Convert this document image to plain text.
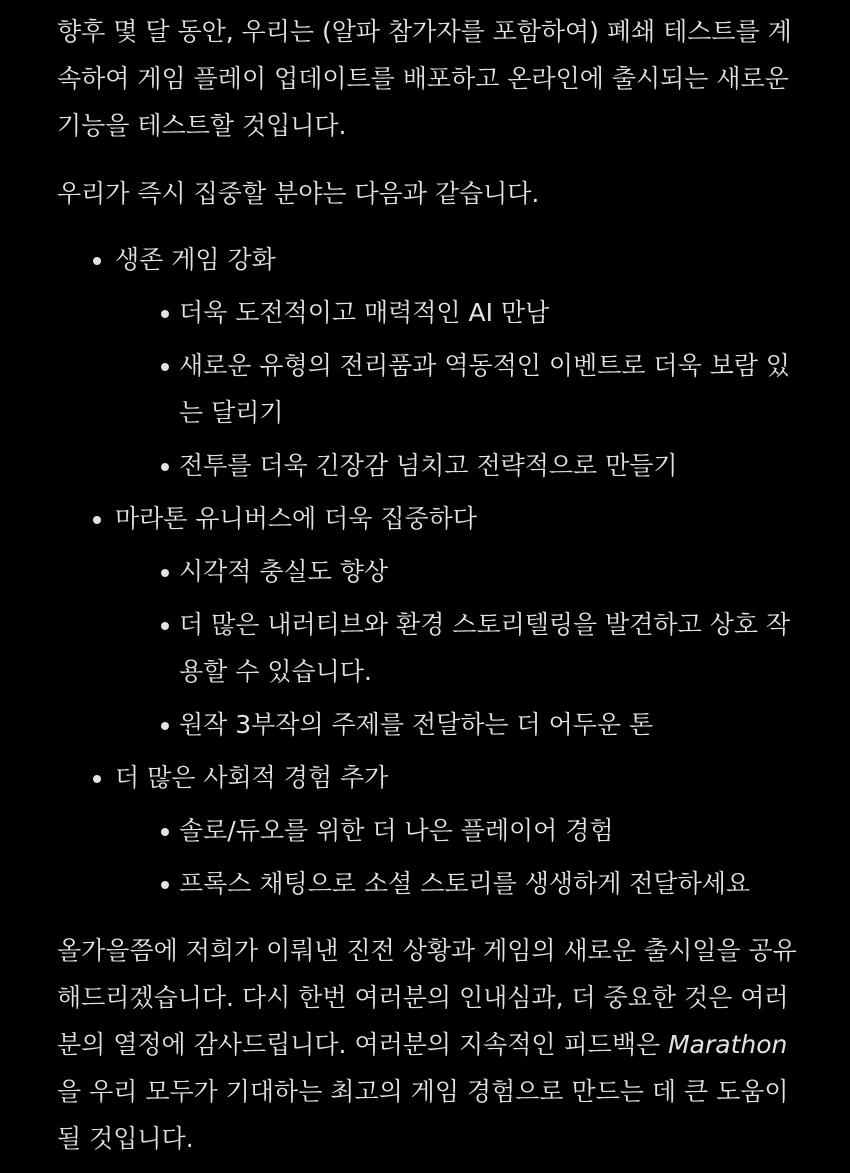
향후 몇 달 동안, 우리는 (알파 참가자를 포함하여) 폐쇄 테스트를 계속하여 게임 플레이 업데이트를 배포하고 온라인에 출시되는 새로운 기능을 테스트할 것입니다.

우리가 즉시 집중할 분야는 다음과 같습니다.

생존 게임 강화
더욱 도전적이고 매력적인 AI 만남
새로운 유형의 전리품과 역동적인 이벤트로 더욱 보람 있는 달리기
전투를 더욱 긴장감 넘치고 전략적으로 만들기
마라톤 유니버스에 더욱 집중하다
시각적 충실도 향상
더 많은 내러티브와 환경 스토리텔링을 발견하고 상호 작용할 수 있습니다.
원작 3부작의 주제를 전달하는 더 어두운 톤
더 많은 사회적 경험 추가
솔로/듀오를 위한 더 나은 플레이어 경험
프록스 채팅으로 소셜 스토리를 생생하게 전달하세요

올가을쯤에 저희가 이뤄낸 진전 상황과 게임의 새로운 출시일을 공유해드리겠습니다. 다시 한번 여러분의 인내심과, 더 중요한 것은 여러분의 열정에 감사드립니다. 여러분의 지속적인 피드백은 Marathon을 우리 모두가 기대하는 최고의 게임 경험으로 만드는 데 큰 도움이 될 것입니다.
